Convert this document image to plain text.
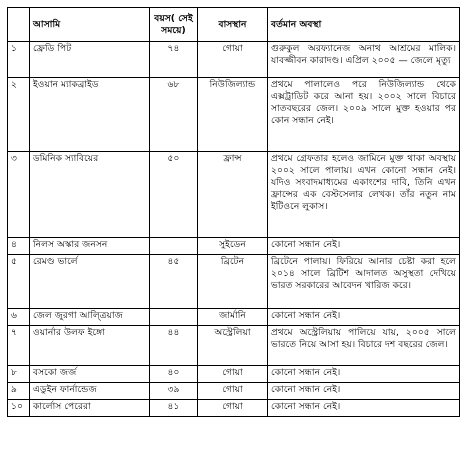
	আসামি	বয়স( সেই সময়ে)	বাসস্থান	বর্তমান অবস্থা
১	ফ্রেডি পিট	৭৪	গোয়া	গুরুকুল অরফ্যানেজ অনাথ আশ্রমের মালিক। যাবজ্জীবন কারাদণ্ড। এপ্রিল ২০০৫ — জেলে মৃত্যু
২	ইওয়ান ম্যাকব্রাইড	৬৮	নিউজিল্যান্ড	প্রথমে পালালেও পরে নিউজিল্যান্ড থেকে এক্সট্রাডিট করে আনা হয়। ২০০২ সালে বিচারে সাতবছরের জেল। ২০০৯ সালে মুক্ত হওয়ার পর কোন সন্ধান নেই।
৩	ডমিনিক স্যাবিয়ের	৫০	ফ্রান্স	প্রথমে গ্রেফতার হলেও জামিনে মুক্ত থাকা অবস্থায় ২০০২ সালে পালায়। এখন কোনো সন্ধান নেই। যদিও সংবাদমাধ্যমের একাংশের দাবি, তিনি এখন ফ্রান্সের এক বেস্টসেলার লেখক। তাঁর নতুন নাম ইটিওনে লুকাস।
৪	নিলস অস্কার জনসন		সুইডেন	কোনো সন্ধান নেই।
৫	রেমণ্ড ভার্লে	৪৫	ব্রিটেন	ব্রিটেনে পালায়। ফিরিয়ে আনার চেষ্টা করা হলে ২০১৪ সালে ব্রিটিশ আদালত অসুস্থতা দেখিয়ে ভারত সরকারের আবেদন খারিজ করে।
৬	জেল জুরগা আল্ত্রিয়াজ		জার্মানি	কোনো সন্ধান নেই।
৭	ওয়ার্নার উলফ ইঙ্গো	৪৪	অস্ট্রেলিয়া	প্রথমে অস্ট্রেলিয়ায় পালিয়ে যায়, ২০০৫ সালে ভারতে নিয়ে আসা হয়। বিচারে দশ বছরের জেল।
৮	বসকো জর্জ	৪০	গোয়া	কোনো সন্ধান নেই।
৯	এডুইন ফার্নান্ডেজ	৩৯	গোয়া	কোনো সন্ধান নেই।
১০	কার্লোস পেরেরা	৪১	গোয়া	কোনো সন্ধান নেই।
